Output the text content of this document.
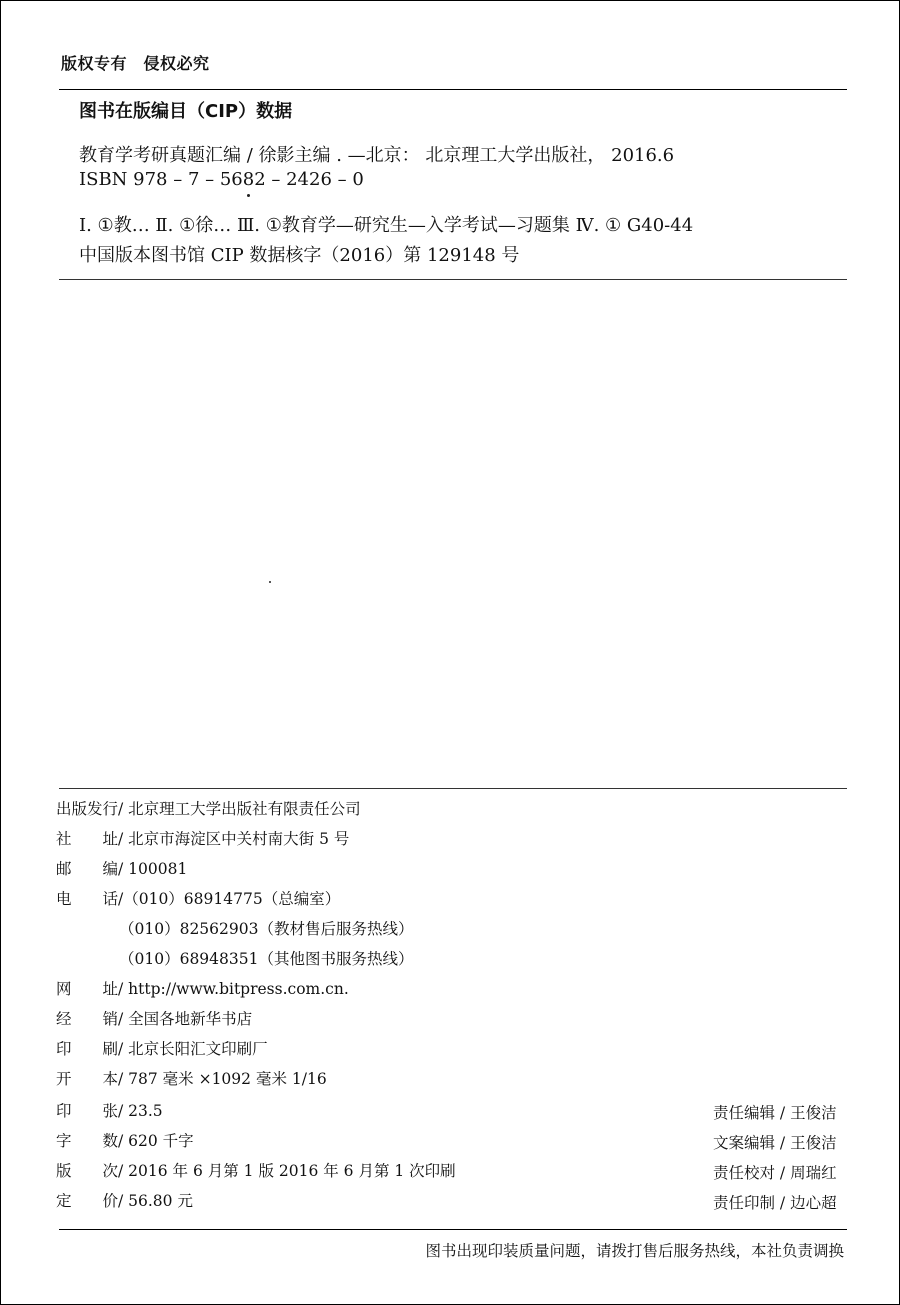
版权专有　侵权必究
图书在版编目（CIP）数据
教育学考研真题汇编 / 徐影主编 . —北京： 北京理工大学出版社， 2016.6
ISBN 978 – 7 – 5682 – 2426 – 0
Ⅰ. ①教… Ⅱ. ①徐… Ⅲ. ①教育学—研究生—入学考试—习题集 Ⅳ. ① G40-44
中国版本图书馆 CIP 数据核字（2016）第 129148 号
出版发行/ 北京理工大学出版社有限责任公司
社　　址/ 北京市海淀区中关村南大街 5 号
邮　　编/ 100081
电　　话/（010）68914775（总编室）
（010）82562903（教材售后服务热线）
（010）68948351（其他图书服务热线）
网　　址/ http://www.bitpress.com.cn.
经　　销/ 全国各地新华书店
印　　刷/ 北京长阳汇文印刷厂
开　　本/ 787 毫米 ×1092 毫米 1/16
印　　张/ 23.5
字　　数/ 620 千字
版　　次/ 2016 年 6 月第 1 版 2016 年 6 月第 1 次印刷
定　　价/ 56.80 元
责任编辑 / 王俊洁
文案编辑 / 王俊洁
责任校对 / 周瑞红
责任印制 / 边心超
图书出现印装质量问题，请拨打售后服务热线，本社负责调换
